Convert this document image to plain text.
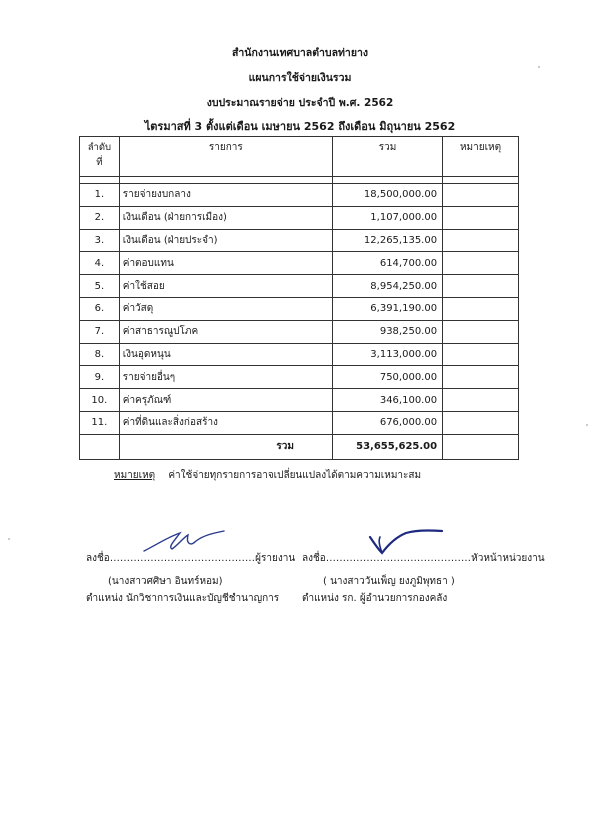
สำนักงานเทศบาลตำบลท่ายาง
แผนการใช้จ่ายเงินรวม
งบประมาณรายจ่าย ประจำปี พ.ศ. 2562
ไตรมาสที่ 3 ตั้งแต่เดือน เมษายน 2562 ถึงเดือน มิถุนายน 2562
ลำดับ
ที่	รายการ	รวม	หมายเหตุ

1.	รายจ่ายงบกลาง	18,500,000.00	
2.	เงินเดือน (ฝ่ายการเมือง)	1,107,000.00	
3.	เงินเดือน (ฝ่ายประจำ)	12,265,135.00	
4.	ค่าตอบแทน	614,700.00	
5.	ค่าใช้สอย	8,954,250.00	
6.	ค่าวัสดุ	6,391,190.00	
7.	ค่าสาธารณูปโภค	938,250.00	
8.	เงินอุดหนุน	3,113,000.00	
9.	รายจ่ายอื่นๆ	750,000.00	
10.	ค่าครุภัณฑ์	346,100.00	
11.	ค่าที่ดินและสิ่งก่อสร้าง	676,000.00	
	รวม	53,655,625.00	
หมายเหตุ ค่าใช้จ่ายทุกรายการอาจเปลี่ยนแปลงได้ตามความเหมาะสม
ลงชื่อ...........................................ผู้รายงาน
(นางสาวศศิษา อินทร์หอม)
ตำแหน่ง นักวิชาการเงินและบัญชีชำนาญการ
ลงชื่อ...........................................หัวหน้าหน่วยงาน
( นางสาววันเพ็ญ ยงภูมิพุทธา )
ตำแหน่ง รก. ผู้อำนวยการกองคลัง
